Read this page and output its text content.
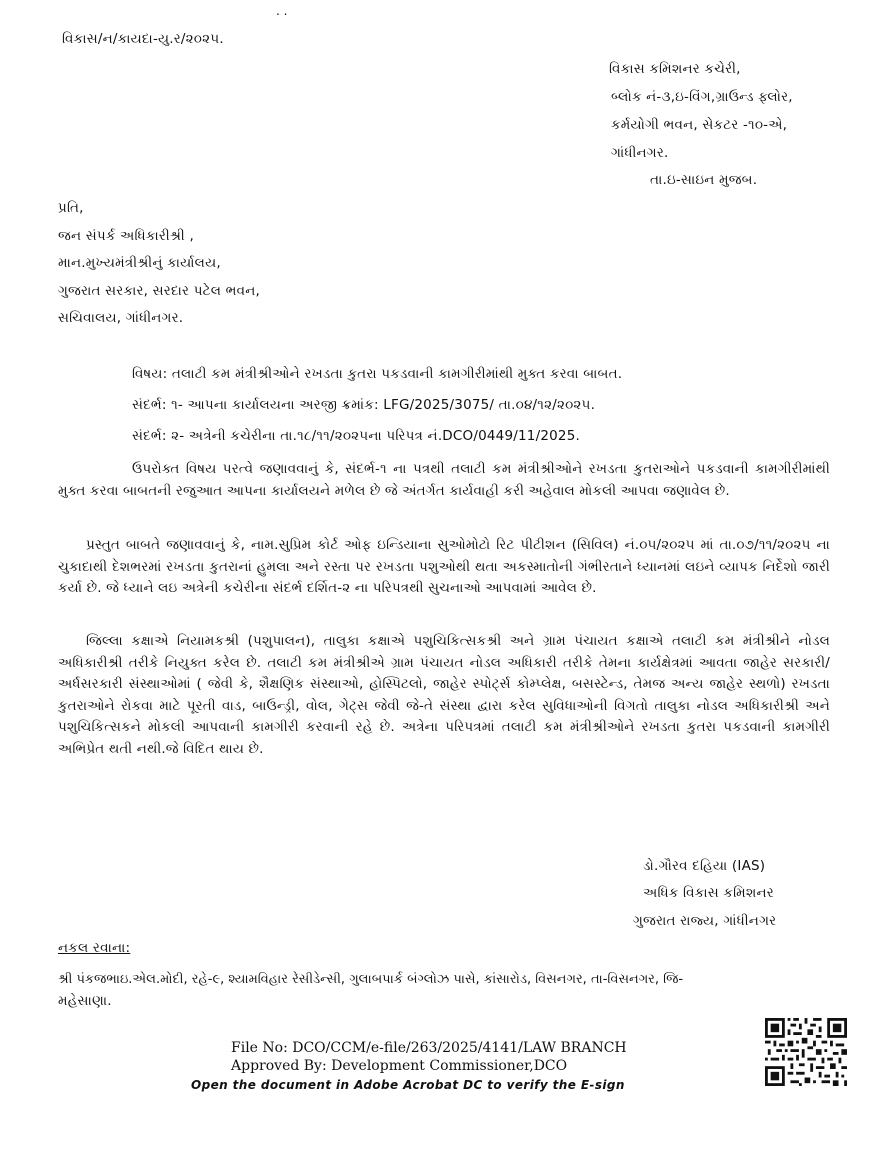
. .
વિકાસ/ન/કાયદા-યુ.ર/૨૦૨૫.
વિકાસ કમિશનર કચેરી,
બ્લોક નં-૩,ઇ-વિંગ,ગ્રાઉન્ડ ફ્લોર,
કર્મયોગી ભવન, સેકટર -૧૦-એ,
ગાંધીનગર.
તા.ઇ-સાઇન મુજબ.
પ્રતિ,
જન સંપર્ક અધિકારીશ્રી ,
માન.મુખ્યમંત્રીશ્રીનું કાર્યાલય,
ગુજરાત સરકાર, સરદાર પટેલ ભવન,
સચિવાલય, ગાંધીનગર.
વિષય: તલાટી કમ મંત્રીશ્રીઓને રખડતા કુતરા પકડવાની કામગીરીમાંથી મુક્ત કરવા બાબત.
સંદર્ભ: ૧- આપના કાર્યાલયના અરજી ક્રમાંક: LFG/2025/3075/ તા.૦૪/૧૨/૨૦૨૫.
સંદર્ભ: ૨- અત્રેની કચેરીના તા.૧૮/૧૧/૨૦૨૫ના પરિપત્ર નં.DCO/0449/11/2025.
ઉપરોક્ત વિષય પરત્વે જણાવવાનું કે, સંદર્ભ-૧ ના પત્રથી તલાટી કમ મંત્રીશ્રીઓને રખડતા કુતરાઓને પકડવાની કામગીરીમાંથી મુક્ત કરવા બાબતની રજુઆત આપના કાર્યાલયને મળેલ છે જે અંતર્ગત કાર્યવાહી કરી અહેવાલ મોકલી આપવા જણાવેલ છે.
પ્રસ્તુત બાબતે જણાવવાનું કે, નામ.સુપ્રિમ કોર્ટ ઓફ ઇન્ડિયાના સુઓમોટો રિટ પીટીશન (સિવિલ) નં.૦૫/૨૦૨૫ માં તા.૦૭/૧૧/૨૦૨૫ ના ચુકાદાથી દેશભરમાં રખડતા કુતરાનાં હુમલા અને રસ્તા પર રખડતા પશુઓથી થતા અકસ્માતોની ગંભીરતાને ધ્યાનમાં લઇને વ્યાપક નિર્દેશો જારી કર્યા છે. જે ધ્યાને લઇ અત્રેની કચેરીના સંદર્ભ દર્શિત-૨ ના પરિપત્રથી સુચનાઓ આપવામાં આવેલ છે.
જિલ્લા કક્ષાએ નિયામકશ્રી (પશુપાલન), તાલુકા કક્ષાએ પશુચિકિત્સકશ્રી અને ગ્રામ પંચાયત કક્ષાએ તલાટી કમ મંત્રીશ્રીને નોડલ અધિકારીશ્રી તરીકે નિયુક્ત કરેલ છે. તલાટી કમ મંત્રીશ્રીએ ગ્રામ પંચાયત નોડલ અધિકારી તરીકે તેમના કાર્યક્ષેત્રમાં આવતા જાહેર સરકારી/અર્ધસરકારી સંસ્થાઓમાં ( જેવી કે, શૈક્ષણિક સંસ્થાઓ, હોસ્પિટલો, જાહેર સ્પોર્ટ્સ કોમ્પ્લેક્ષ, બસસ્ટેન્ડ, તેમજ અન્ય જાહેર સ્થળો) રખડતા કુતરાઓને રોકવા માટે પૂરતી વાડ, બાઉન્ડ્રી, વોલ, ગેટ્સ જેવી જે-તે સંસ્થા દ્વારા કરેલ સુવિધાઓની વિગતો તાલુકા નોડલ અધિકારીશ્રી અને પશુચિકિત્સકને મોકલી આપવાની કામગીરી કરવાની રહે છે. અત્રેના પરિપત્રમાં તલાટી કમ મંત્રીશ્રીઓને રખડતા કુતરા પકડવાની કામગીરી અભિપ્રેત થતી નથી.જે વિદિત થાય છે.
ડો.ગૌરવ દહિયા (IAS)
અધિક વિકાસ કમિશનર
ગુજરાત રાજ્ય, ગાંધીનગર
નકલ રવાના:
શ્રી પંકજભાઇ.એલ.મોદી, રહે-૯, શ્યામવિહાર રેસીડેન્સી, ગુલાબપાર્ક બંગ્લોઝ પાસે, કાંસારોડ, વિસનગર, તા-વિસનગર, જિ-
મહેસાણા.
File No: DCO/CCM/e-file/263/2025/4141/LAW BRANCH
Approved By: Development Commissioner,DCO
Open the document in Adobe Acrobat DC to verify the E-sign
